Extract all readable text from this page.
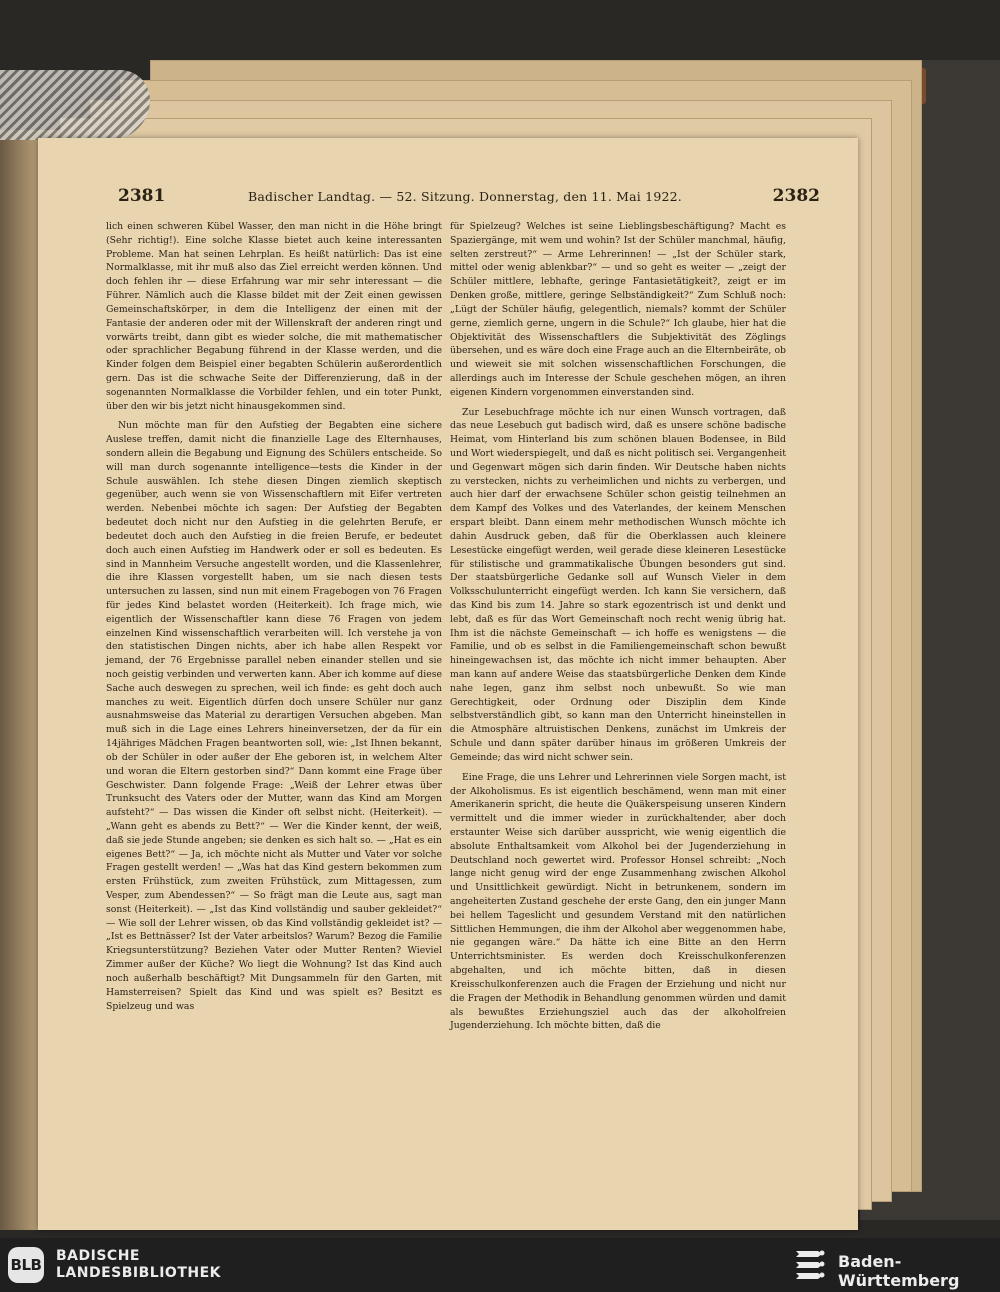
2381	Badischer Landtag. — 52. Sitzung. Donnerstag, den 11. Mai 1922.	2382

lich einen schweren Kübel Wasser, den man nicht in die Höhe bringt (Sehr richtig!). Eine solche Klasse bietet auch keine interessanten Probleme. Man hat seinen Lehrplan. Es heißt natürlich: Das ist eine Normalklasse, mit ihr muß also das Ziel erreicht werden können. Und doch fehlen ihr — diese Erfahrung war mir sehr interessant — die Führer. Nämlich auch die Klasse bildet mit der Zeit einen gewissen Gemeinschaftskörper, in dem die Intelligenz der einen mit der Fantasie der anderen oder mit der Willenskraft der anderen ringt und vorwärts treibt, dann gibt es wieder solche, die mit mathematischer oder sprachlicher Begabung führend in der Klasse werden, und die Kinder folgen dem Beispiel einer begabten Schülerin außerordentlich gern. Das ist die schwache Seite der Differenzierung, daß in der sogenannten Normalklasse die Vorbilder fehlen, und ein toter Punkt, über den wir bis jetzt nicht hinausgekommen sind.

Nun möchte man für den Aufstieg der Begabten eine sichere Auslese treffen, damit nicht die finanzielle Lage des Elternhauses, sondern allein die Begabung und Eignung des Schülers entscheide. So will man durch sogenannte intelligence—tests die Kinder in der Schule auswählen. Ich stehe diesen Dingen ziemlich skeptisch gegenüber, auch wenn sie von Wissenschaftlern mit Eifer vertreten werden. Nebenbei möchte ich sagen: Der Aufstieg der Begabten bedeutet doch nicht nur den Aufstieg in die gelehrten Berufe, er bedeutet doch auch den Aufstieg in die freien Berufe, er bedeutet doch auch einen Aufstieg im Handwerk oder er soll es bedeuten. Es sind in Mannheim Versuche angestellt worden, und die Klassenlehrer, die ihre Klassen vorgestellt haben, um sie nach diesen tests untersuchen zu lassen, sind nun mit einem Fragebogen von 76 Fragen für jedes Kind belastet worden (Heiterkeit). Ich frage mich, wie eigentlich der Wissenschaftler kann diese 76 Fragen von jedem einzelnen Kind wissenschaftlich verarbeiten will. Ich verstehe ja von den statistischen Dingen nichts, aber ich habe allen Respekt vor jemand, der 76 Ergebnisse parallel neben einander stellen und sie noch geistig verbinden und verwerten kann. Aber ich komme auf diese Sache auch deswegen zu sprechen, weil ich finde: es geht doch auch manches zu weit. Eigentlich dürfen doch unsere Schüler nur ganz ausnahmsweise das Material zu derartigen Versuchen abgeben. Man muß sich in die Lage eines Lehrers hineinversetzen, der da für ein 14jähriges Mädchen Fragen beantworten soll, wie: „Ist Ihnen bekannt, ob der Schüler in oder außer der Ehe geboren ist, in welchem Alter und woran die Eltern gestorben sind?“ Dann kommt eine Frage über Geschwister. Dann folgende Frage: „Weiß der Lehrer etwas über Trunksucht des Vaters oder der Mutter, wann das Kind am Morgen aufsteht?“ — Das wissen die Kinder oft selbst nicht. (Heiterkeit). — „Wann geht es abends zu Bett?“ — Wer die Kinder kennt, der weiß, daß sie jede Stunde angeben; sie denken es sich halt so. — „Hat es ein eigenes Bett?“ — Ja, ich möchte nicht als Mutter und Vater vor solche Fragen gestellt werden! — „Was hat das Kind gestern bekommen zum ersten Frühstück, zum zweiten Frühstück, zum Mittagessen, zum Vesper, zum Abendessen?“ — So frägt man die Leute aus, sagt man sonst (Heiterkeit). — „Ist das Kind vollständig und sauber gekleidet?“ — Wie soll der Lehrer wissen, ob das Kind vollständig gekleidet ist? — „Ist es Bettnässer? Ist der Vater arbeitslos? Warum? Bezog die Familie Kriegsunterstützung? Beziehen Vater oder Mutter Renten? Wieviel Zimmer außer der Küche? Wo liegt die Wohnung? Ist das Kind auch noch außerhalb beschäftigt? Mit Dungsammeln für den Garten, mit Hamsterreisen? Spielt das Kind und was spielt es? Besitzt es Spielzeug und was

für Spielzeug? Welches ist seine Lieblingsbeschäftigung? Macht es Spaziergänge, mit wem und wohin? Ist der Schüler manchmal, häufig, selten zerstreut?“ — Arme Lehrerinnen! — „Ist der Schüler stark, mittel oder wenig ablenkbar?“ — und so geht es weiter — „zeigt der Schüler mittlere, lebhafte, geringe Fantasietätigkeit?, zeigt er im Denken große, mittlere, geringe Selbständigkeit?“ Zum Schluß noch: „Lügt der Schüler häufig, gelegentlich, niemals? kommt der Schüler gerne, ziemlich gerne, ungern in die Schule?“ Ich glaube, hier hat die Objektivität des Wissenschaftlers die Subjektivität des Zöglings übersehen, und es wäre doch eine Frage auch an die Elternbeiräte, ob und wieweit sie mit solchen wissenschaftlichen Forschungen, die allerdings auch im Interesse der Schule geschehen mögen, an ihren eigenen Kindern vorgenommen einverstanden sind.

Zur Lesebuchfrage möchte ich nur einen Wunsch vortragen, daß das neue Lesebuch gut badisch wird, daß es unsere schöne badische Heimat, vom Hinterland bis zum schönen blauen Bodensee, in Bild und Wort wiederspiegelt, und daß es nicht politisch sei. Vergangenheit und Gegenwart mögen sich darin finden. Wir Deutsche haben nichts zu verstecken, nichts zu verheimlichen und nichts zu verbergen, und auch hier darf der erwachsene Schüler schon geistig teilnehmen an dem Kampf des Volkes und des Vaterlandes, der keinem Menschen erspart bleibt. Dann einem mehr methodischen Wunsch möchte ich dahin Ausdruck geben, daß für die Oberklassen auch kleinere Lesestücke eingefügt werden, weil gerade diese kleineren Lesestücke für stilistische und grammatikalische Übungen besonders gut sind. Der staatsbürgerliche Gedanke soll auf Wunsch Vieler in dem Volksschulunterricht eingefügt werden. Ich kann Sie versichern, daß das Kind bis zum 14. Jahre so stark egozentrisch ist und denkt und lebt, daß es für das Wort Gemeinschaft noch recht wenig übrig hat. Ihm ist die nächste Gemeinschaft — ich hoffe es wenigstens — die Familie, und ob es selbst in die Familiengemeinschaft schon bewußt hineingewachsen ist, das möchte ich nicht immer behaupten. Aber man kann auf andere Weise das staatsbürgerliche Denken dem Kinde nahe legen, ganz ihm selbst noch unbewußt. So wie man Gerechtigkeit, oder Ordnung oder Disziplin dem Kinde selbstverständlich gibt, so kann man den Unterricht hineinstellen in die Atmosphäre altruistischen Denkens, zunächst im Umkreis der Schule und dann später darüber hinaus im größeren Umkreis der Gemeinde; das wird nicht schwer sein.

Eine Frage, die uns Lehrer und Lehrerinnen viele Sorgen macht, ist der Alkoholismus. Es ist eigentlich beschämend, wenn man mit einer Amerikanerin spricht, die heute die Quäkerspeisung unseren Kindern vermittelt und die immer wieder in zurückhaltender, aber doch erstaunter Weise sich darüber ausspricht, wie wenig eigentlich die absolute Enthaltsamkeit vom Alkohol bei der Jugenderziehung in Deutschland noch gewertet wird. Professor Honsel schreibt: „Noch lange nicht genug wird der enge Zusammenhang zwischen Alkohol und Unsittlichkeit gewürdigt. Nicht in betrunkenem, sondern im angeheiterten Zustand geschehe der erste Gang, den ein junger Mann bei hellem Tageslicht und gesundem Verstand mit den natürlichen Sittlichen Hemmungen, die ihm der Alkohol aber weggenommen habe, nie gegangen wäre.“ Da hätte ich eine Bitte an den Herrn Unterrichtsminister. Es werden doch Kreisschulkonferenzen abgehalten, und ich möchte bitten, daß in diesen Kreisschulkonferenzen auch die Fragen der Erziehung und nicht nur die Fragen der Methodik in Behandlung genommen würden und damit als bewußtes Erziehungsziel auch das der alkoholfreien Jugenderziehung. Ich möchte bitten, daß die

BLB BADISCHE
LANDESBIBLIOTHEK
Baden-Württemberg
